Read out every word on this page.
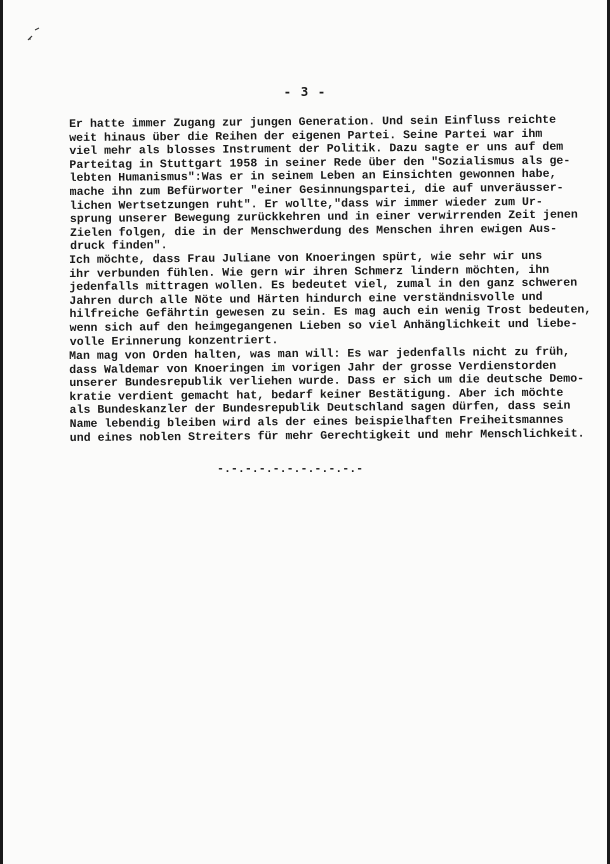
- 3 -
Er hatte immer Zugang zur jungen Generation. Und sein Einfluss reichte
weit hinaus über die Reihen der eigenen Partei. Seine Partei war ihm
viel mehr als blosses Instrument der Politik. Dazu sagte er uns auf dem
Parteitag in Stuttgart 1958 in seiner Rede über den "Sozialismus als ge-
lebten Humanismus":Was er in seinem Leben an Einsichten gewonnen habe,
mache ihn zum Befürworter "einer Gesinnungspartei, die auf unveräusser-
lichen Wertsetzungen ruht". Er wollte,"dass wir immer wieder zum Ur-
sprung unserer Bewegung zurückkehren und in einer verwirrenden Zeit jenen
Zielen folgen, die in der Menschwerdung des Menschen ihren ewigen Aus-
druck finden".
Ich möchte, dass Frau Juliane von Knoeringen spürt, wie sehr wir uns
ihr verbunden fühlen. Wie gern wir ihren Schmerz lindern möchten, ihn
jedenfalls mittragen wollen. Es bedeutet viel, zumal in den ganz schweren
Jahren durch alle Nöte und Härten hindurch eine verständnisvolle und
hilfreiche Gefährtin gewesen zu sein. Es mag auch ein wenig Trost bedeuten,
wenn sich auf den heimgegangenen Lieben so viel Anhänglichkeit und liebe-
volle Erinnerung konzentriert.
Man mag von Orden halten, was man will: Es war jedenfalls nicht zu früh,
dass Waldemar von Knoeringen im vorigen Jahr der grosse Verdienstorden
unserer Bundesrepublik verliehen wurde. Dass er sich um die deutsche Demo-
kratie verdient gemacht hat, bedarf keiner Bestätigung. Aber ich möchte
als Bundeskanzler der Bundesrepublik Deutschland sagen dürfen, dass sein
Name lebendig bleiben wird als der eines beispielhaften Freiheitsmannes
und eines noblen Streiters für mehr Gerechtigkeit und mehr Menschlichkeit.
-.-.-.-.-.-.-.-.-.-.-
